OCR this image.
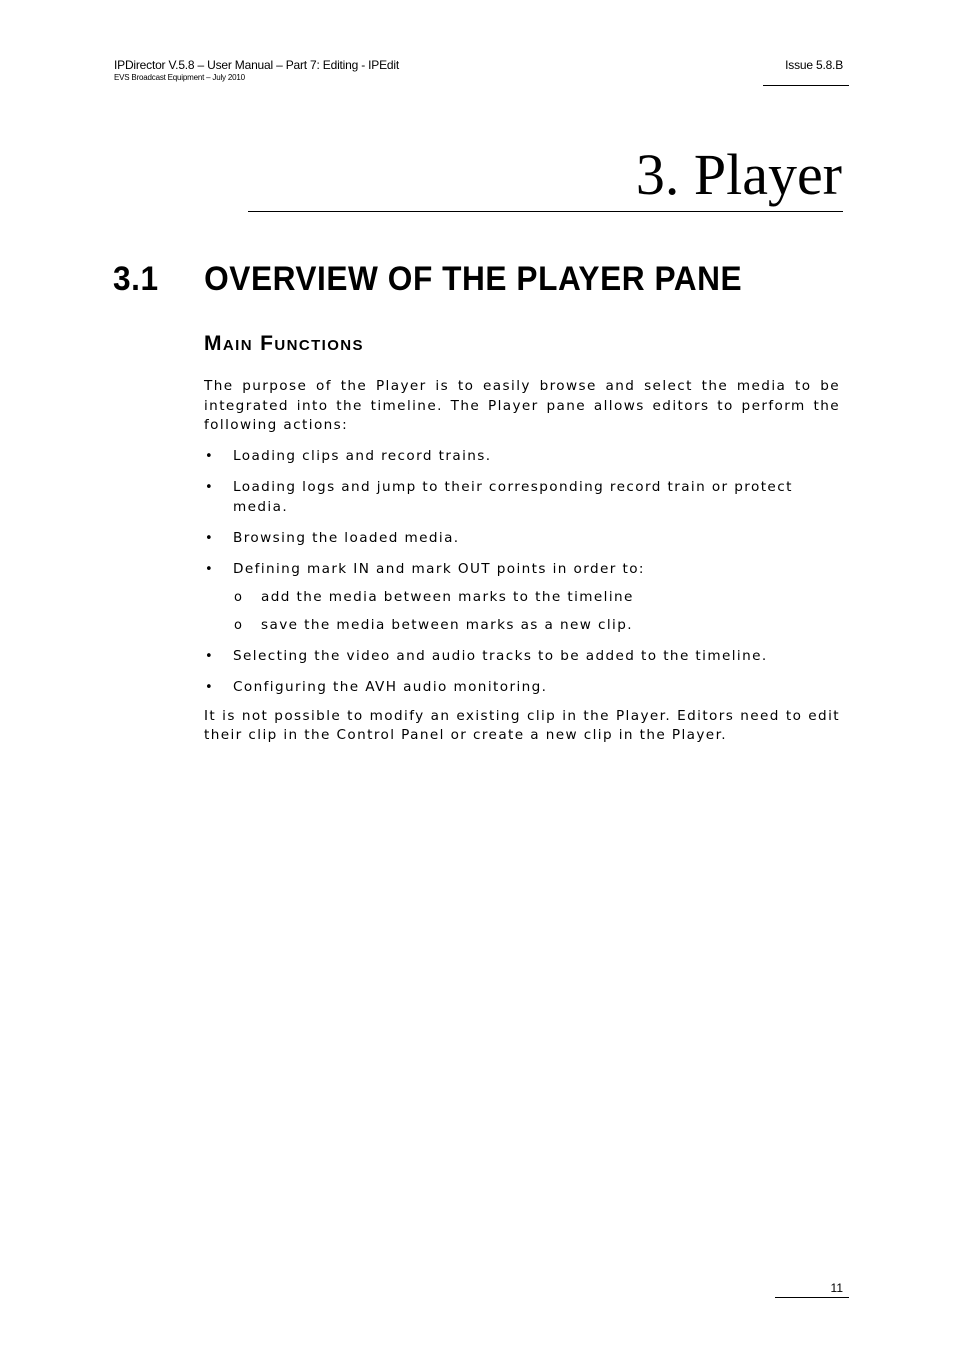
IPDirector V.5.8 – User Manual – Part 7: Editing - IPEdit
EVS Broadcast Equipment – July 2010
Issue 5.8.B
3. Player
3.1 OVERVIEW OF THE PLAYER PANE
Main Functions

The purpose of the Player is to easily browse and select the media to be integrated into the timeline. The Player pane allows editors to perform the following actions:

• Loading clips and record trains.
• Loading logs and jump to their corresponding record train or protect media.
• Browsing the loaded media.
• Defining mark IN and mark OUT points in order to:
o add the media between marks to the timeline
o save the media between marks as a new clip.
• Selecting the video and audio tracks to be added to the timeline.
• Configuring the AVH audio monitoring.

It is not possible to modify an existing clip in the Player. Editors need to edit their clip in the Control Panel or create a new clip in the Player.

11
